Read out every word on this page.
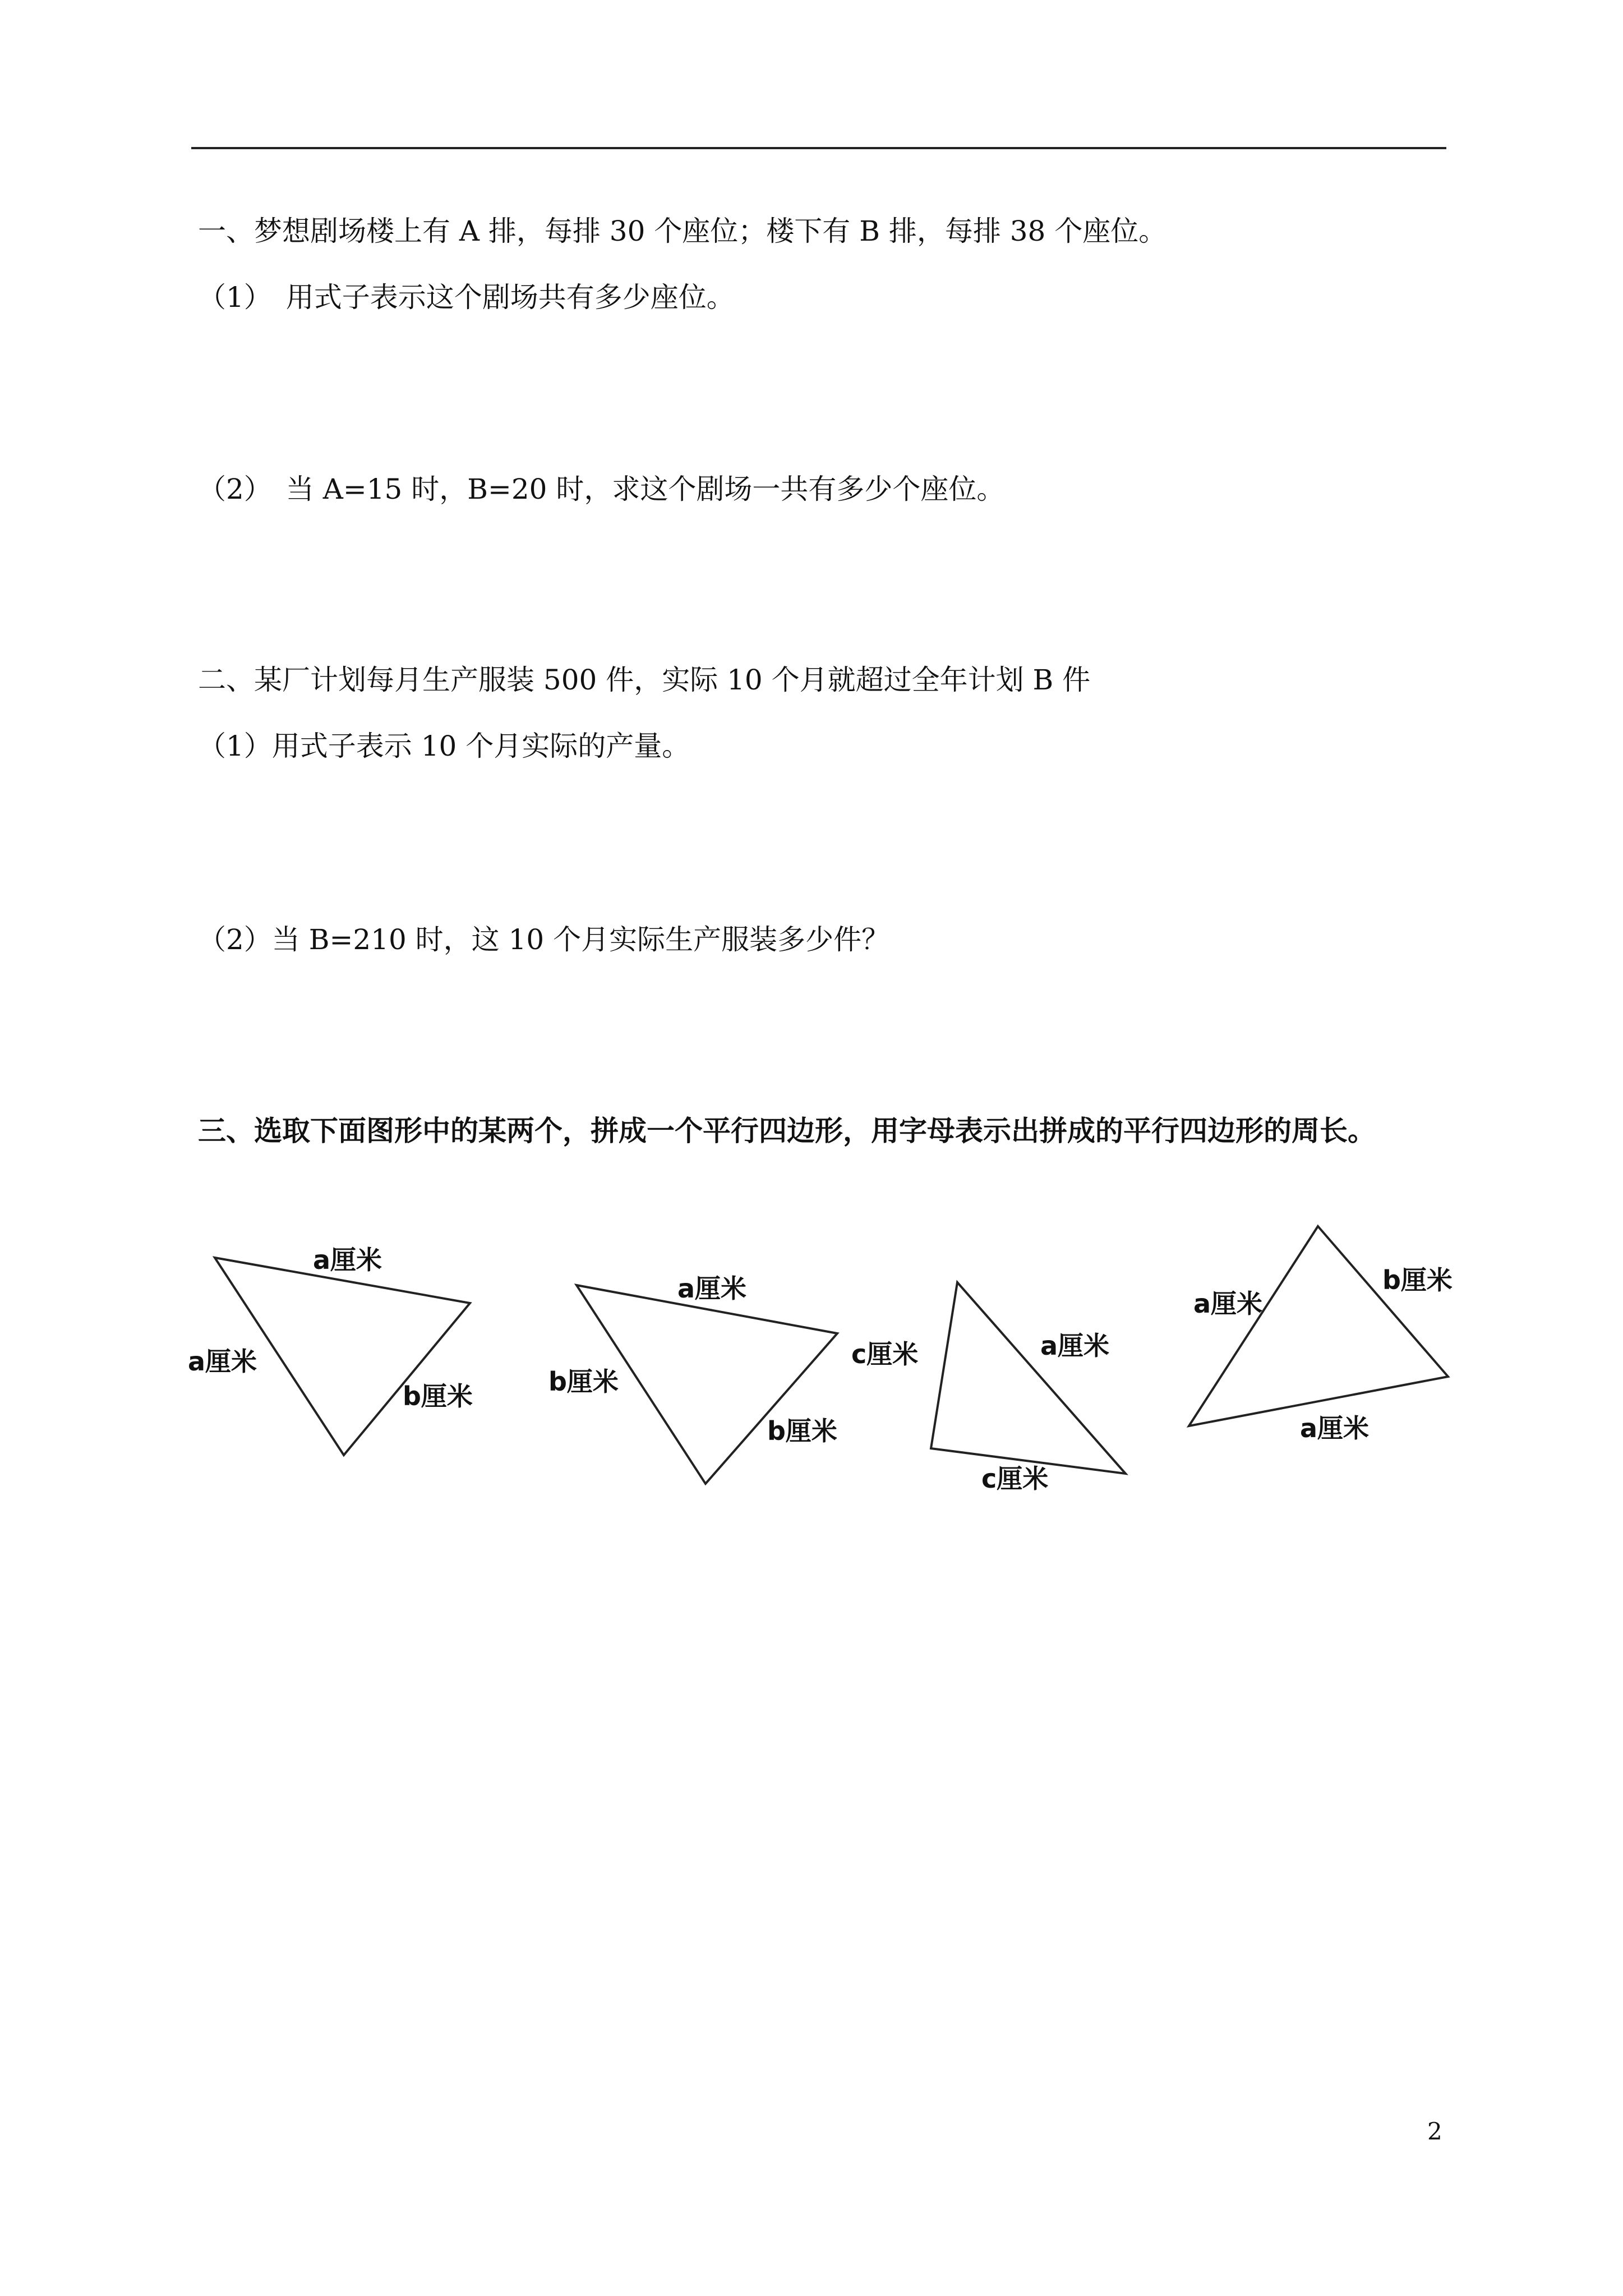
一、梦想剧场楼上有 A 排，每排 30 个座位；楼下有 B 排，每排 38 个座位。
（1）　用式子表示这个剧场共有多少座位。
（2）　当 A=15 时，B=20 时，求这个剧场一共有多少个座位。
二、某厂计划每月生产服装 500 件，实际 10 个月就超过全年计划 B 件
（1）用式子表示 10 个月实际的产量。
（2）当 B=210 时，这 10 个月实际生产服装多少件？
三、选取下面图形中的某两个，拼成一个平行四边形，用字母表示出拼成的平行四边形的周长。
a厘米
a厘米
b厘米
a厘米
b厘米
b厘米
c厘米	a厘米
c厘米
a厘米
b厘米
a厘米
2
